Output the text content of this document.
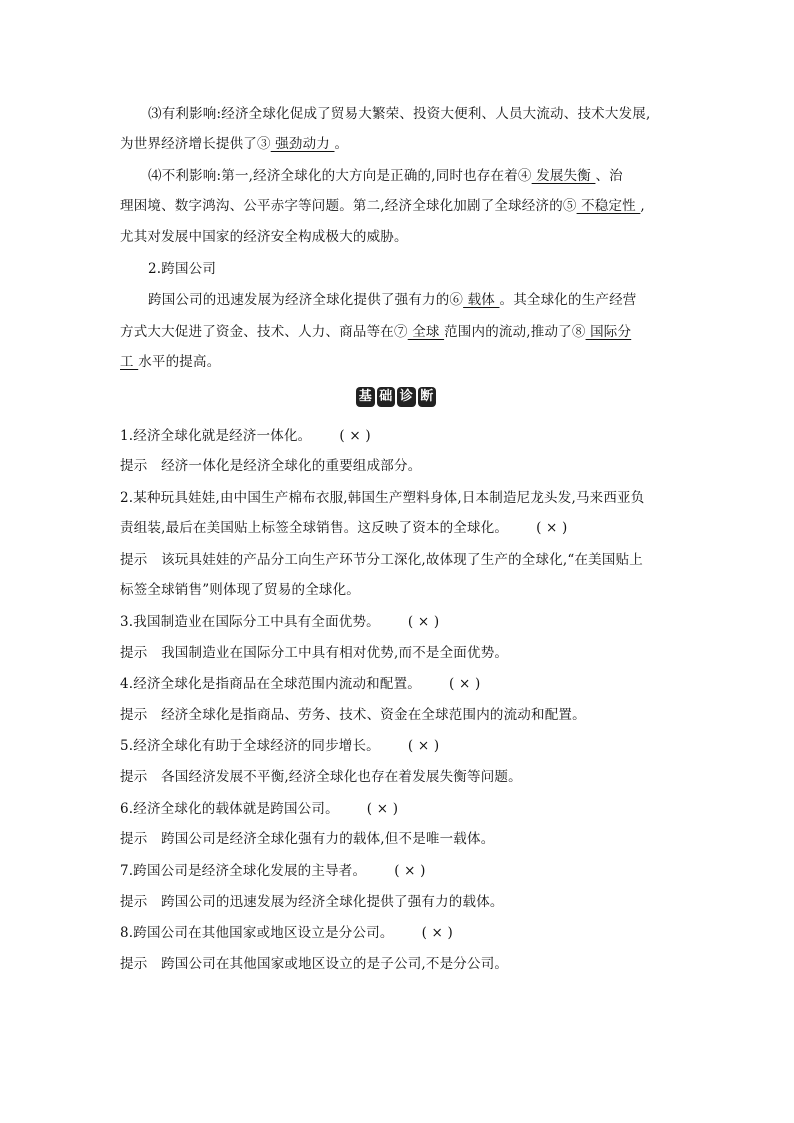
⑶有利影响:经济全球化促成了贸易大繁荣、投资大便利、人员大流动、技术大发展,
为世界经济增长提供了③ 强劲动力 。
⑷不利影响:第一,经济全球化的大方向是正确的,同时也存在着④ 发展失衡 、治
理困境、数字鸿沟、公平赤字等问题。第二,经济全球化加剧了全球经济的⑤ 不稳定性 ,
尤其对发展中国家的经济安全构成极大的威胁。
2.跨国公司
跨国公司的迅速发展为经济全球化提供了强有力的⑥ 载体 。其全球化的生产经营
方式大大促进了资金、技术、人力、商品等在⑦ 全球 范围内的流动,推动了⑧ 国际分
工 水平的提高。
基 础 诊 断
1.经济全球化就是经济一体化。 ( × )
提示　经济一体化是经济全球化的重要组成部分。
2.某种玩具娃娃,由中国生产棉布衣服,韩国生产塑料身体,日本制造尼龙头发,马来西亚负
责组装,最后在美国贴上标签全球销售。这反映了资本的全球化。 ( × )
提示　该玩具娃娃的产品分工向生产环节分工深化,故体现了生产的全球化,“在美国贴上
标签全球销售”则体现了贸易的全球化。
3.我国制造业在国际分工中具有全面优势。 ( × )
提示　我国制造业在国际分工中具有相对优势,而不是全面优势。
4.经济全球化是指商品在全球范围内流动和配置。 ( × )
提示　经济全球化是指商品、劳务、技术、资金在全球范围内的流动和配置。
5.经济全球化有助于全球经济的同步增长。 ( × )
提示　各国经济发展不平衡,经济全球化也存在着发展失衡等问题。
6.经济全球化的载体就是跨国公司。 ( × )
提示　跨国公司是经济全球化强有力的载体,但不是唯一载体。
7.跨国公司是经济全球化发展的主导者。 ( × )
提示　跨国公司的迅速发展为经济全球化提供了强有力的载体。
8.跨国公司在其他国家或地区设立是分公司。 ( × )
提示　跨国公司在其他国家或地区设立的是子公司,不是分公司。
